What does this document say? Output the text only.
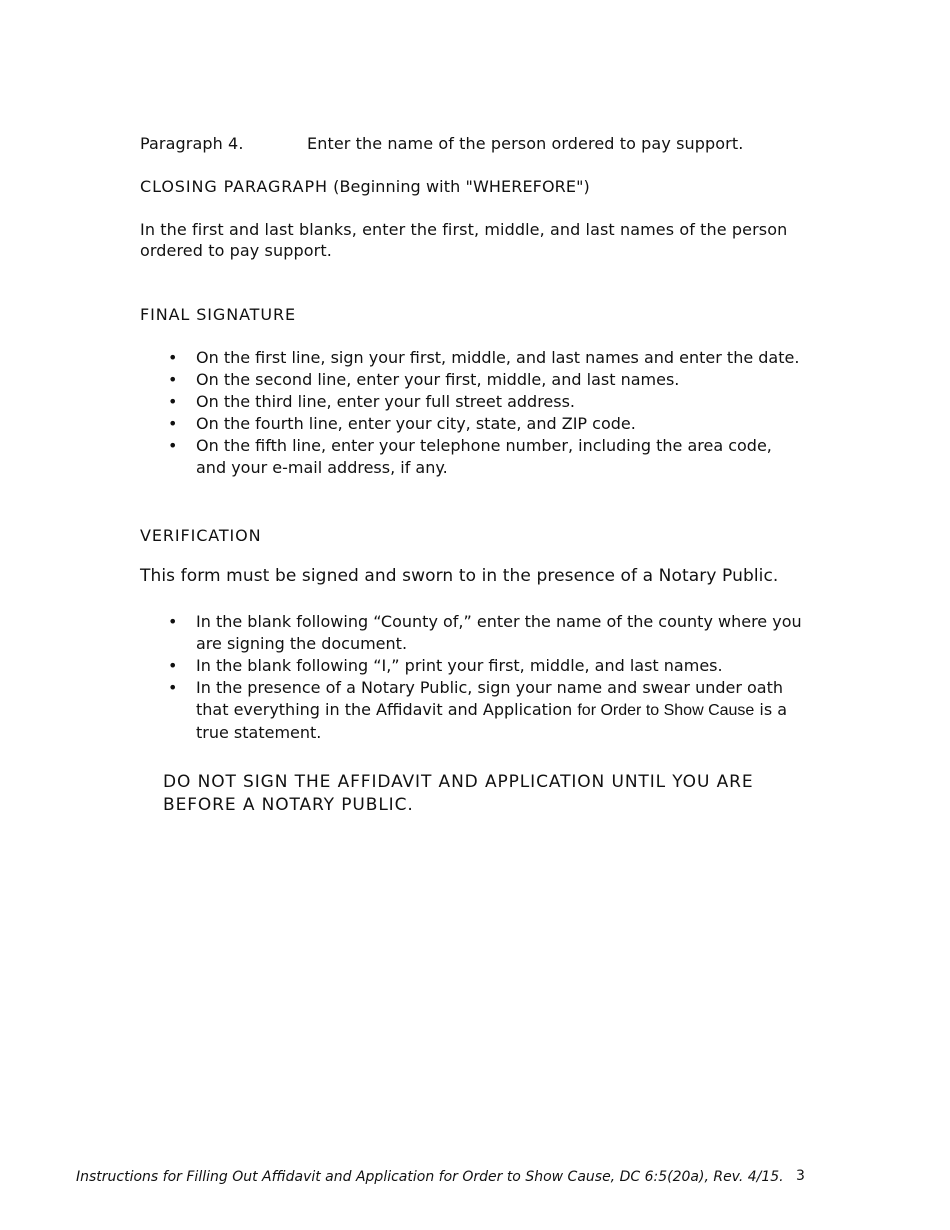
Paragraph 4.	Enter the name of the person ordered to pay support.
CLOSING PARAGRAPH (Beginning with "WHEREFORE")
In the first and last blanks, enter the first, middle, and last names of the person ordered to pay support.
FINAL SIGNATURE
• On the first line, sign your first, middle, and last names and enter the date.
• On the second line, enter your first, middle, and last names.
• On the third line, enter your full street address.
• On the fourth line, enter your city, state, and ZIP code.
• On the fifth line, enter your telephone number, including the area code,
and your e-mail address, if any.
VERIFICATION
This form must be signed and sworn to in the presence of a Notary Public.
• In the blank following “County of,” enter the name of the county where you
are signing the document.
• In the blank following “I,” print your first, middle, and last names.
• In the presence of a Notary Public, sign your name and swear under oath
that everything in the Affidavit and Application for Order to Show Cause is a
true statement.
DO NOT SIGN THE AFFIDAVIT AND APPLICATION UNTIL YOU ARE
BEFORE A NOTARY PUBLIC.
Instructions for Filling Out Affidavit and Application for Order to Show Cause, DC 6:5(20a), Rev. 4/15. 3
